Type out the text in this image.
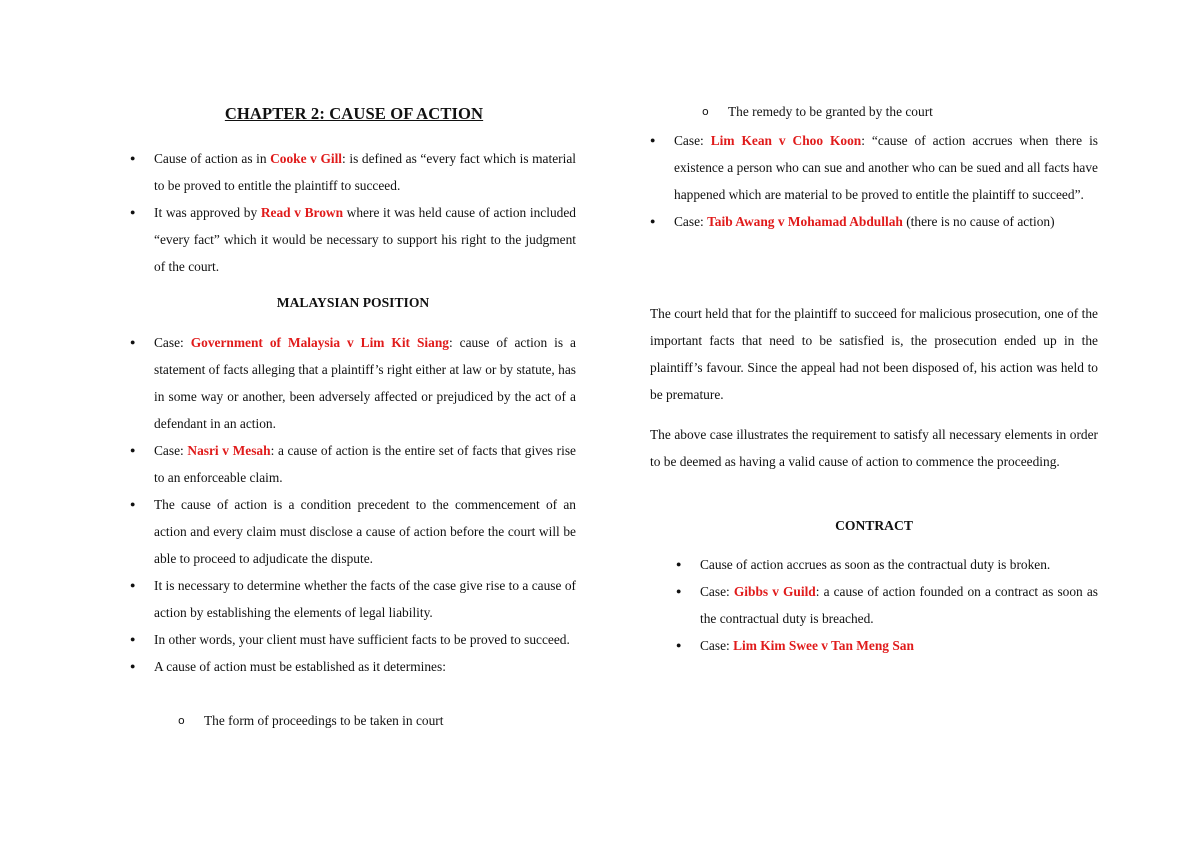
CHAPTER 2: CAUSE OF ACTION
● Cause of action as in Cooke v Gill: is defined as “every fact which is material to be proved to entitle the plaintiff to succeed.
● It was approved by Read v Brown where it was held cause of action included “every fact” which it would be necessary to support his right to the judgment of the court.
MALAYSIAN POSITION
● Case: Government of Malaysia v Lim Kit Siang: cause of action is a statement of facts alleging that a plaintiff’s right either at law or by statute, has in some way or another, been adversely affected or prejudiced by the act of a defendant in an action.
● Case: Nasri v Mesah: a cause of action is the entire set of facts that gives rise to an enforceable claim.
● The cause of action is a condition precedent to the commencement of an action and every claim must disclose a cause of action before the court will be able to proceed to adjudicate the dispute.
● It is necessary to determine whether the facts of the case give rise to a cause of action by establishing the elements of legal liability.
● In other words, your client must have sufficient facts to be proved to succeed.
● A cause of action must be established as it determines:
o	The form of proceedings to be taken in court
o	The remedy to be granted by the court
● Case: Lim Kean v Choo Koon: “cause of action accrues when there is existence a person who can sue and another who can be sued and all facts have happened which are material to be proved to entitle the plaintiff to succeed”.
● Case: Taib Awang v Mohamad Abdullah (there is no cause of action)

The court held that for the plaintiff to succeed for malicious prosecution, one of the important facts that need to be satisfied is, the prosecution ended up in the plaintiff’s favour. Since the appeal had not been disposed of, his action was held to be premature.

The above case illustrates the requirement to satisfy all necessary elements in order to be deemed as having a valid cause of action to commence the proceeding.

CONTRACT
● Cause of action accrues as soon as the contractual duty is broken.
● Case: Gibbs v Guild: a cause of action founded on a contract as soon as the contractual duty is breached.
● Case: Lim Kim Swee v Tan Meng San
